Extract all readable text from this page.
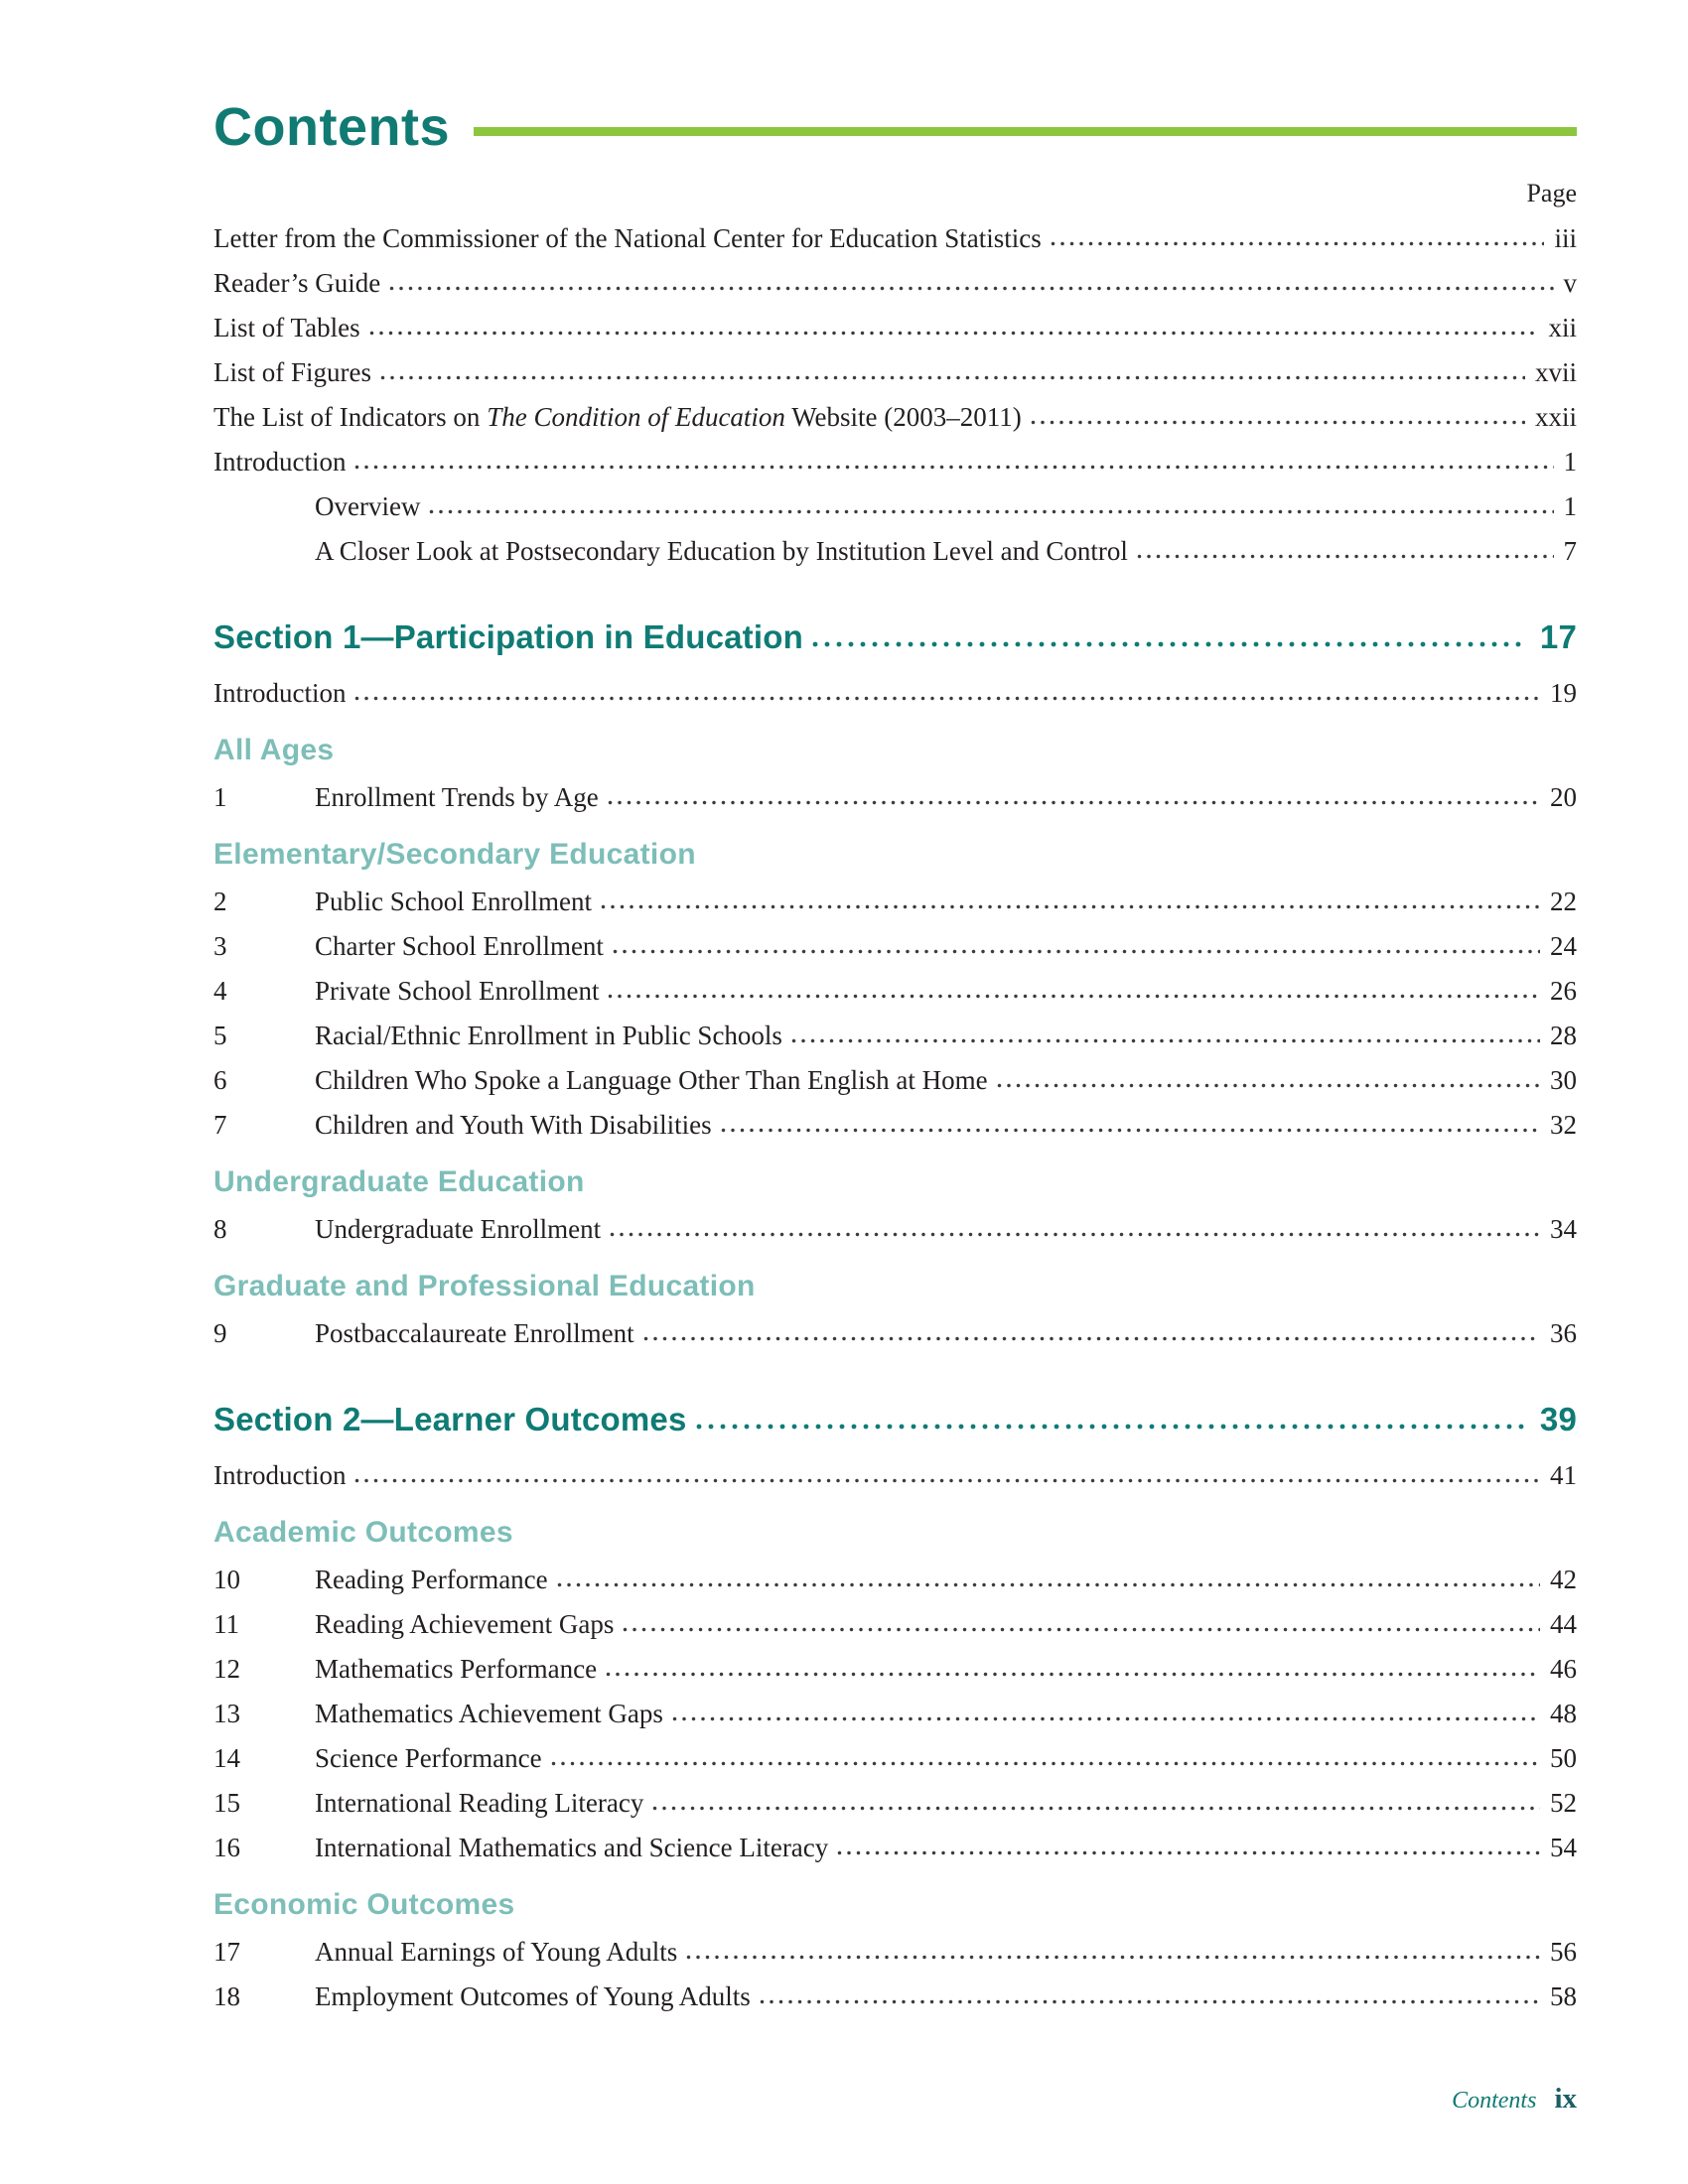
Contents
Page
Letter from the Commissioner of the National Center for Education Statistics	iii
Reader’s Guide	v
List of Tables	xii
List of Figures	xvii
The List of Indicators on The Condition of Education Website (2003–2011)	xxii
Introduction	1
Overview	1
A Closer Look at Postsecondary Education by Institution Level and Control	7
Section 1—Participation in Education	17
Introduction	19
All Ages
1	Enrollment Trends by Age	20
Elementary/Secondary Education
2	Public School Enrollment	22
3	Charter School Enrollment	24
4	Private School Enrollment	26
5	Racial/Ethnic Enrollment in Public Schools	28
6	Children Who Spoke a Language Other Than English at Home	30
7	Children and Youth With Disabilities	32
Undergraduate Education
8	Undergraduate Enrollment	34
Graduate and Professional Education
9	Postbaccalaureate Enrollment	36
Section 2—Learner Outcomes	39
Introduction	41
Academic Outcomes
10	Reading Performance	42
11	Reading Achievement Gaps	44
12	Mathematics Performance	46
13	Mathematics Achievement Gaps	48
14	Science Performance	50
15	International Reading Literacy	52
16	International Mathematics and Science Literacy	54
Economic Outcomes
17	Annual Earnings of Young Adults	56
18	Employment Outcomes of Young Adults	58
Contents ix
